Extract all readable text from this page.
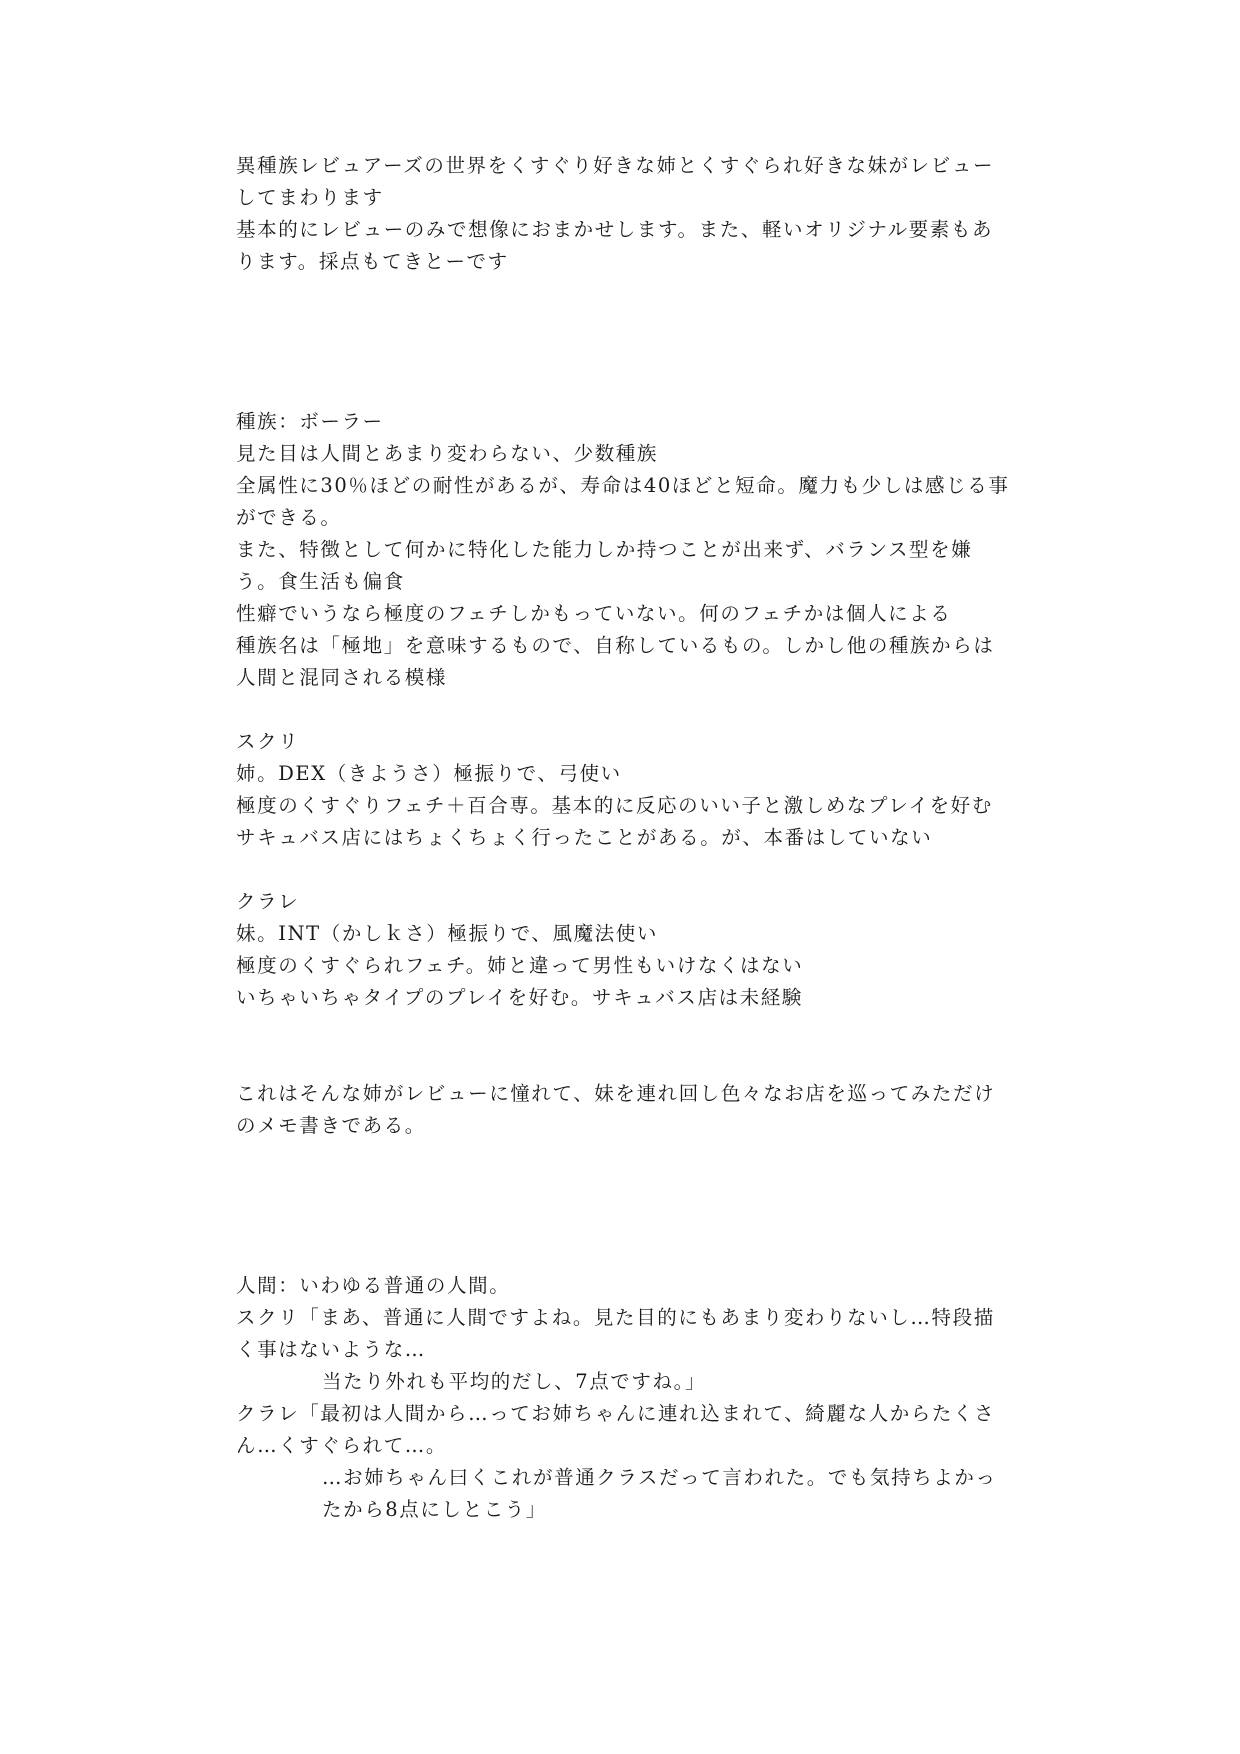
異種族レビュアーズの世界をくすぐり好きな姉とくすぐられ好きな妹がレビューしてまわります

基本的にレビューのみで想像におまかせします。また、軽いオリジナル要素もあります。採点もてきとーです

種族：ボーラー

見た目は人間とあまり変わらない、少数種族

全属性に30％ほどの耐性があるが、寿命は40ほどと短命。魔力も少しは感じる事ができる。

また、特徴として何かに特化した能力しか持つことが出来ず、バランス型を嫌う。食生活も偏食

性癖でいうなら極度のフェチしかもっていない。何のフェチかは個人による

種族名は「極地」を意味するもので、自称しているもの。しかし他の種族からは人間と混同される模様

スクリ

姉。DEX（きようさ）極振りで、弓使い

極度のくすぐりフェチ＋百合専。基本的に反応のいい子と激しめなプレイを好む

サキュバス店にはちょくちょく行ったことがある。が、本番はしていない

クラレ

妹。INT（かしｋさ）極振りで、風魔法使い

極度のくすぐられフェチ。姉と違って男性もいけなくはない

いちゃいちゃタイプのプレイを好む。サキュバス店は未経験

これはそんな姉がレビューに憧れて、妹を連れ回し色々なお店を巡ってみただけのメモ書きである。

人間：いわゆる普通の人間。

スクリ「まあ、普通に人間ですよね。見た目的にもあまり変わりないし…特段描く事はないような…
当たり外れも平均的だし、7点ですね。」

クラレ「最初は人間から…ってお姉ちゃんに連れ込まれて、綺麗な人からたくさん…くすぐられて…。
…お姉ちゃん曰くこれが普通クラスだって言われた。でも気持ちよかったから8点にしとこう」
